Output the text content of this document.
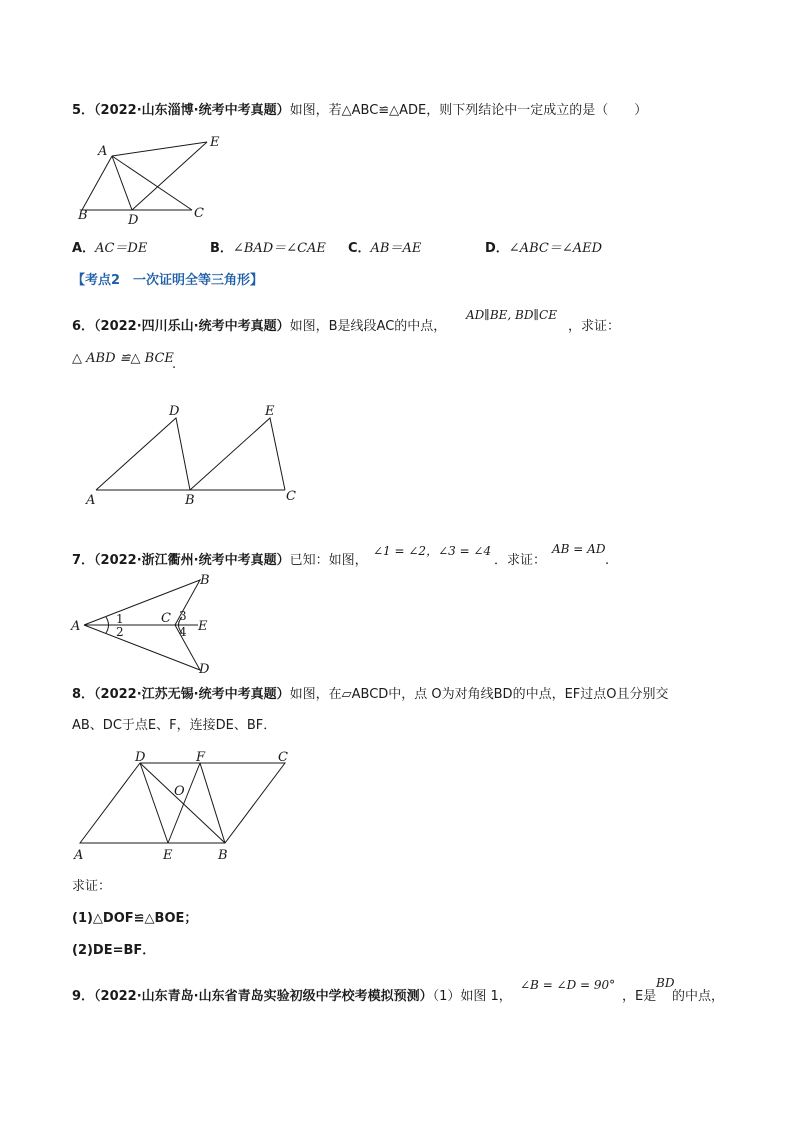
5．（2022·山东淄博·统考中考真题）如图，若△ABC≌△ADE，则下列结论中一定成立的是（　　）
A
B	C
D
E
A．AC＝DE	B．∠BAD＝∠CAE C．AB＝AE	D．∠ABC＝∠AED
【考点2　一次证明全等三角形】
6．（2022·四川乐山·统考中考真题）如图，B是线段AC的中点，
AD∥BE, BD∥CE
，求证：
△ ABD ≌△ BCE
.
A	B	C
D	E
7．（2022·浙江衢州·统考中考真题）已知：如图，
∠1 = ∠2，∠3 = ∠4
．求证：
AB = AD
.
A
B
C
D
E
1
2
3
4
8．（2022·江苏无锡·统考中考真题）如图，在▱ABCD中，点 O为对角线BD的中点，EF过点O且分别交
AB、DC于点E、F，连接DE、BF．
A	B
C
D
E
F
O
求证：
(1)△DOF≌△BOE；
(2)DE=BF．
9．（2022·山东青岛·山东省青岛实验初级中学校考模拟预测）（1）如图 1，
∠B = ∠D = 90°
，E是
BD
的中点，
